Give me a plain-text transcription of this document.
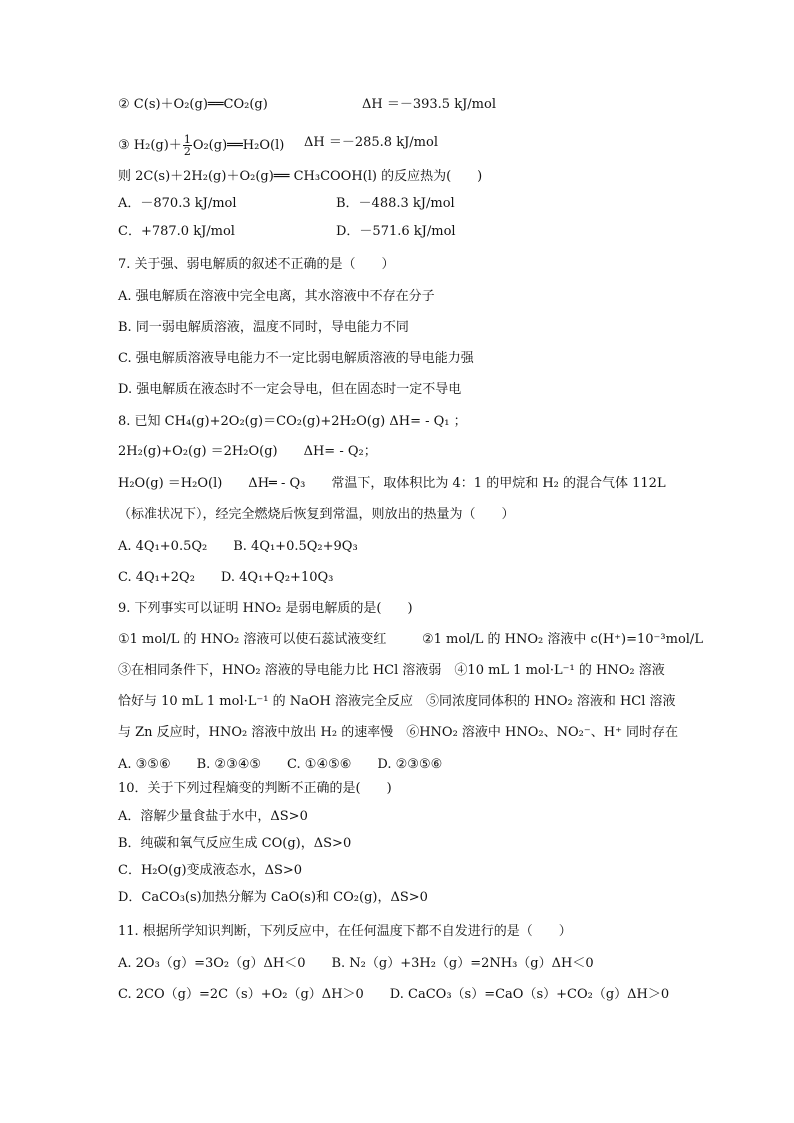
② C(s)＋O₂(g)══CO₂(g)	ΔH ＝－393.5 kJ/mol
③ $H_2(g)+ \frac{1}{2}$ O₂(g)══H₂O(l) ΔH ＝－285.8 kJ/mol
则 2C(s)＋2H₂(g)＋O₂(g)══ CH₃COOH(l) 的反应热为(　　)
A．－870.3 kJ/mol	B．－488.3 kJ/mol
C．+787.0 kJ/mol	D．－571.6 kJ/mol
7. 关于强、弱电解质的叙述不正确的是（　　）
A. 强电解质在溶液中完全电离，其水溶液中不存在分子
B. 同一弱电解质溶液，温度不同时，导电能力不同
C. 强电解质溶液导电能力不一定比弱电解质溶液的导电能力强
D. 强电解质在液态时不一定会导电，但在固态时一定不导电
8. 已知 CH₄(g)+2O₂(g)＝CO₂(g)+2H₂O(g) ΔH= - Q₁ ；
2H₂(g)+O₂(g) ＝2H₂O(g)　　ΔH= - Q₂；
H₂O(g) ＝H₂O(l)　　ΔH═ - Q₃　　常温下，取体积比为 4：1 的甲烷和 H₂ 的混合气体 112L
（标准状况下），经完全燃烧后恢复到常温，则放出的热量为（　　）
A. 4Q₁+0.5Q₂　　B. 4Q₁+0.5Q₂+9Q₃
C. 4Q₁+2Q₂　　D. 4Q₁+Q₂+10Q₃
9. 下列事实可以证明 HNO₂ 是弱电解质的是(　　)
①1 mol/L 的 HNO₂ 溶液可以使石蕊试液变红	②1 mol/L 的 HNO₂ 溶液中 c(H⁺)=10⁻³mol/L
③在相同条件下，HNO₂ 溶液的导电能力比 HCl 溶液弱　④10 mL 1 mol·L⁻¹ 的 HNO₂ 溶液
恰好与 10 mL 1 mol·L⁻¹ 的 NaOH 溶液完全反应　⑤同浓度同体积的 HNO₂ 溶液和 HCl 溶液
与 Zn 反应时，HNO₂ 溶液中放出 H₂ 的速率慢　⑥HNO₂ 溶液中 HNO₂、NO₂⁻、H⁺ 同时存在
A. ③⑤⑥　　B. ②③④⑤　　C. ①④⑤⑥　　D. ②③⑤⑥
10．关于下列过程熵变的判断不正确的是(　　)
A．溶解少量食盐于水中，ΔS>0
B．纯碳和氧气反应生成 CO(g)，ΔS>0
C．H₂O(g)变成液态水，ΔS>0
D．CaCO₃(s)加热分解为 CaO(s)和 CO₂(g)，ΔS>0
11. 根据所学知识判断，下列反应中，在任何温度下都不自发进行的是（　　）
A. 2O₃（g）=3O₂（g）ΔH＜0　　B. N₂（g）+3H₂（g）=2NH₃（g）ΔH＜0
C. 2CO（g）=2C（s）+O₂（g）ΔH＞0　　D. CaCO₃（s）=CaO（s）+CO₂（g）ΔH＞0
